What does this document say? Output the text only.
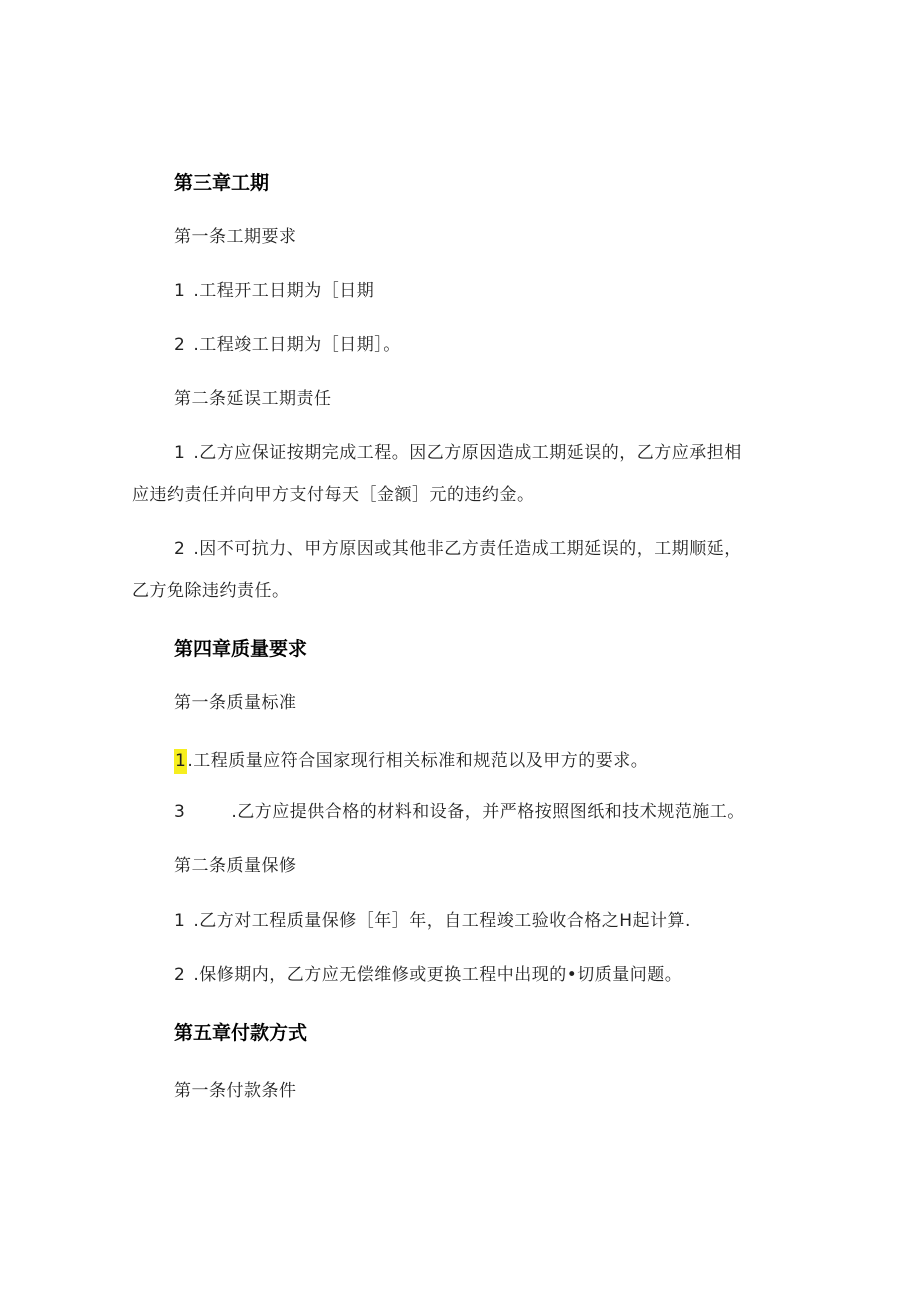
第三章工期
第一条工期要求
1 .工程开工日期为［日期
2 .工程竣工日期为［日期］。
第二条延误工期责任
1 .乙方应保证按期完成工程。因乙方原因造成工期延误的，乙方应承担相
应违约责任并向甲方支付每天［金额］元的违约金。
2 .因不可抗力、甲方原因或其他非乙方责任造成工期延误的，工期顺延，
乙方免除违约责任。
第四章质量要求
第一条质量标准
1.工程质量应符合国家现行相关标准和规范以及甲方的要求。
3	.乙方应提供合格的材料和设备，并严格按照图纸和技术规范施工。
第二条质量保修
1 .乙方对工程质量保修［年］年，自工程竣工验收合格之H起计算.
2 .保修期内，乙方应无偿维修或更换工程中出现的•切质量问题。
第五章付款方式
第一条付款条件
